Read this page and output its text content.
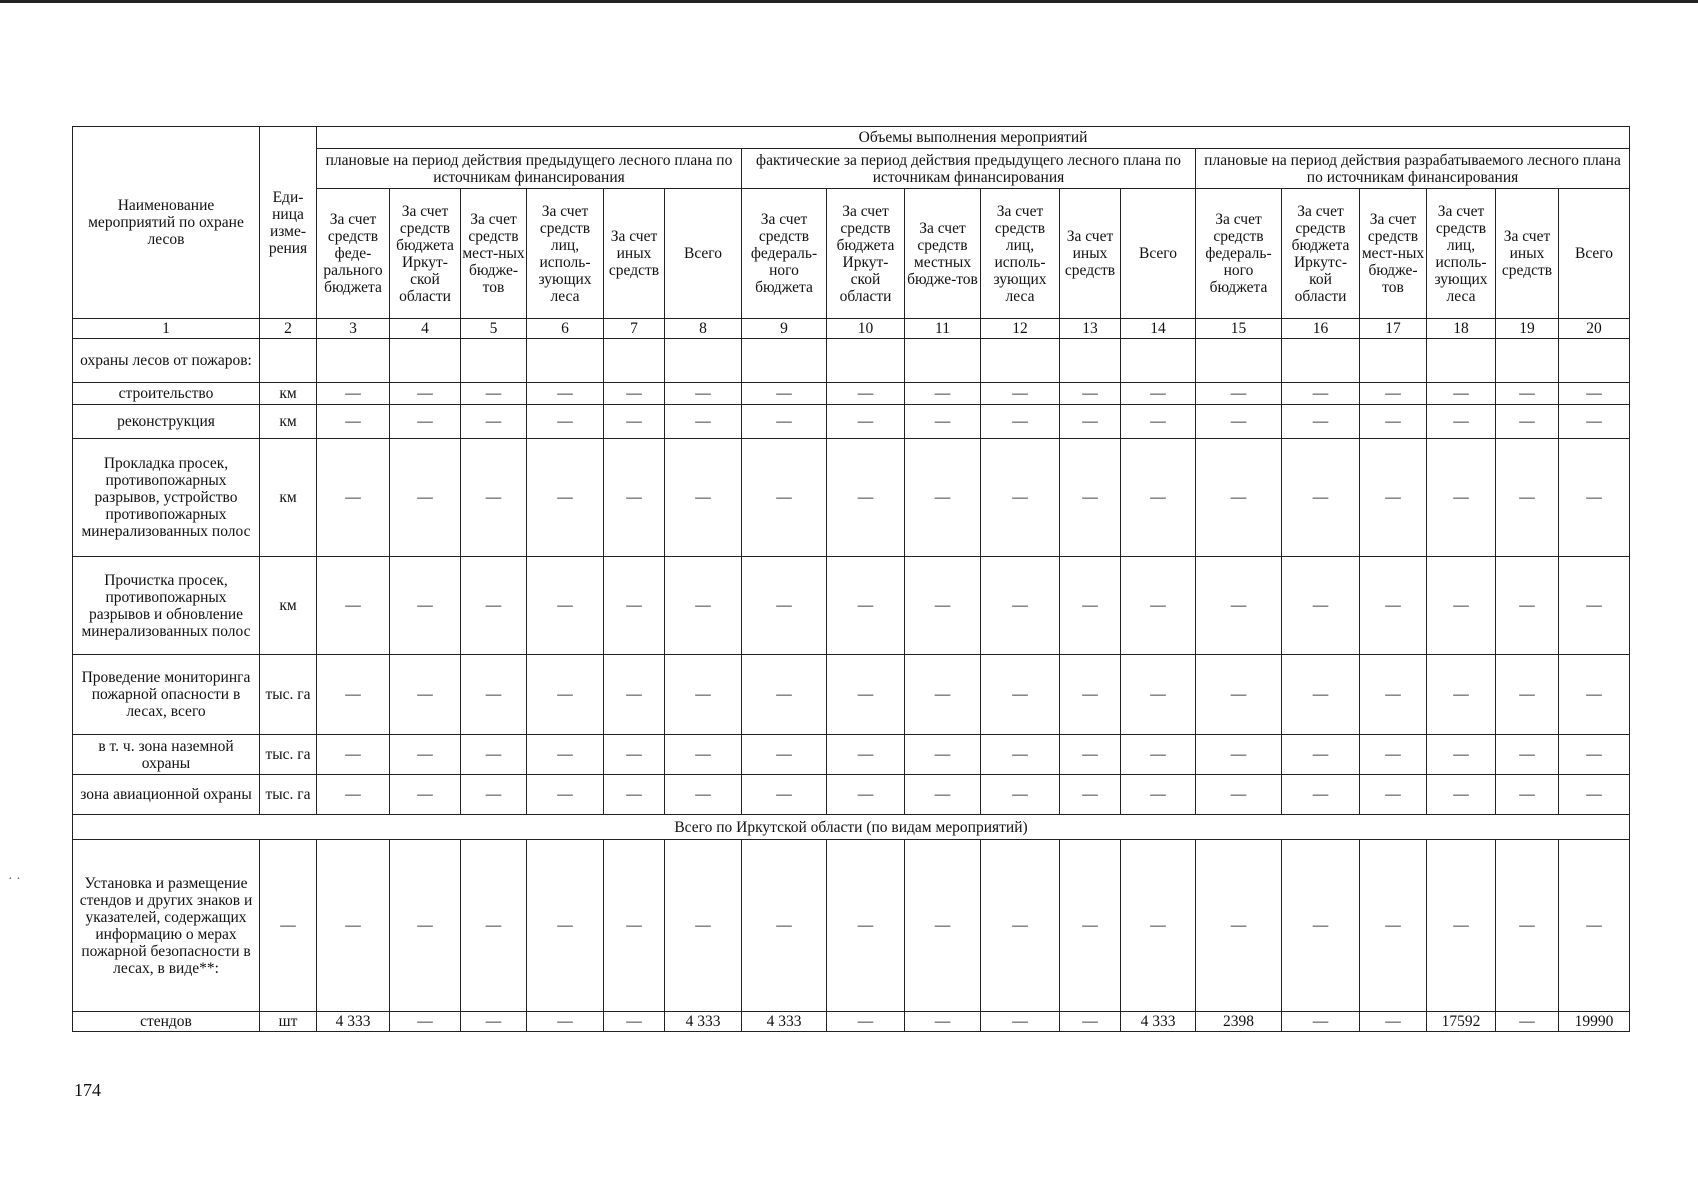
Наименование мероприятий по охране лесов	Еди-ница изме-рения	Объемы выполнения мероприятий																	
		плановые на период действия предыдущего лесного плана по источникам финансирования						фактические за период действия предыдущего лесного плана по источникам финансирования						плановые на период действия разрабатываемого лесного плана по источникам финансирования					
		За счет средств феде-рального бюджета	За счет средств бюджета Иркут-ской области	За счет средств мест-ных бюдже-тов	За счет средств лиц, исполь-зующих леса	За счет иных средств	Всего	За счет средств федераль-ного бюджета	За счет средств бюджета Иркут-ской области	За счет средств местных бюдже-тов	За счет средств лиц, исполь-зующих леса	За счет иных средств	Всего	За счет средств федераль-ного бюджета	За счет средств бюджета Иркутс-кой области	За счет средств мест-ных бюдже-тов	За счет средств лиц, исполь-зующих леса	За счет иных средств	Всего
1	2	3	4	5	6	7	8	9	10	11	12	13	14	15	16	17	18	19	20
охраны лесов от пожаров:																			
строительство	км	—	—	—	—	—	—	—	—	—	—	—	—	—	—	—	—	—	—
реконструкция	км	—	—	—	—	—	—	—	—	—	—	—	—	—	—	—	—	—	—
Прокладка просек, противопожарных разрывов, устройство противопожарных минерализованных полос	км	—	—	—	—	—	—	—	—	—	—	—	—	—	—	—	—	—	—
Прочистка просек, противопожарных разрывов и обновление минерализованных полос	км	—	—	—	—	—	—	—	—	—	—	—	—	—	—	—	—	—	—
Проведение мониторинга пожарной опасности в лесах, всего	тыс. га	—	—	—	—	—	—	—	—	—	—	—	—	—	—	—	—	—	—
в т. ч. зона наземной охраны	тыс. га	—	—	—	—	—	—	—	—	—	—	—	—	—	—	—	—	—	—
зона авиационной охраны	тыс. га	—	—	—	—	—	—	—	—	—	—	—	—	—	—	—	—	—	—
Всего по Иркутской области (по видам мероприятий)																			
Установка и размещение стендов и других знаков и указателей, содержащих информацию о мерах пожарной безопасности в лесах, в виде**:	—	—	—	—	—	—	—	—	—	—	—	—	—	—	—	—	—	—	—
стендов	шт	4 333	—	—	—	—	4 333	4 333	—	—	—	—	4 333	2398	—	—	17592	—	19990
174
· ·
